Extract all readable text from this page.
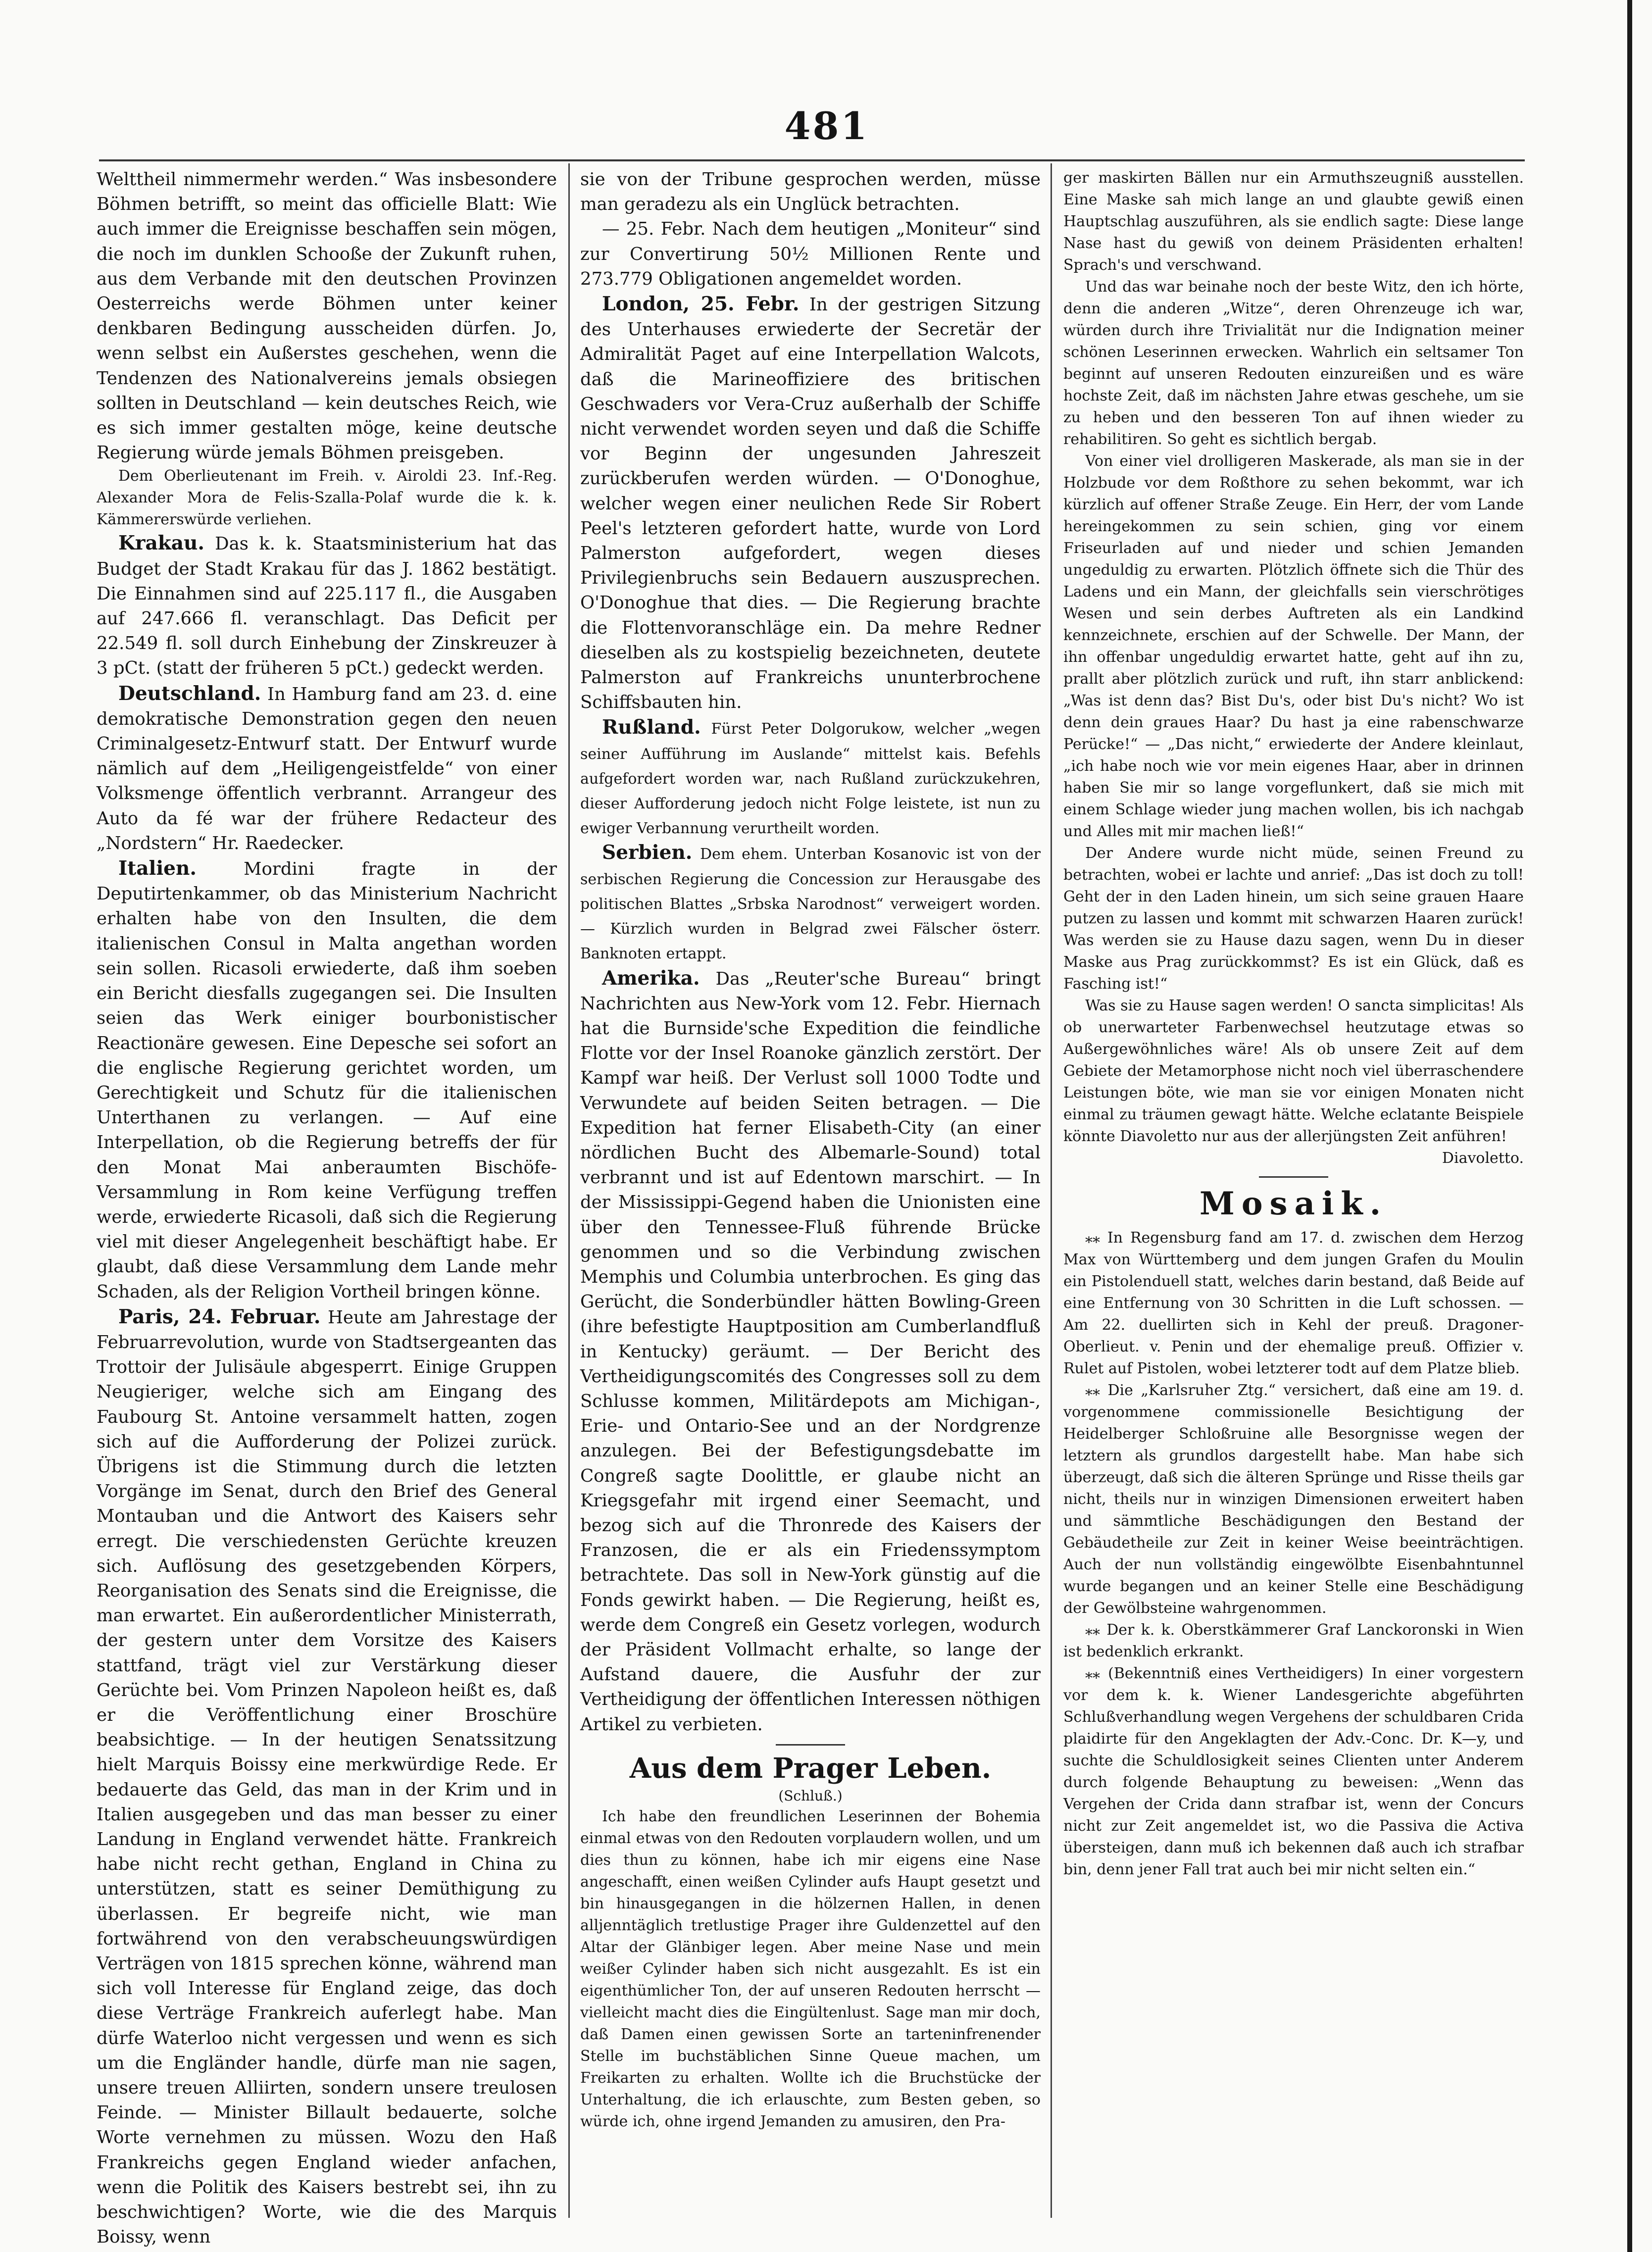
481

Welttheil nimmermehr werden.“ Was insbesondere Böhmen betrifft, so meint das officielle Blatt: Wie auch immer die Ereignisse beschaffen sein mögen, die noch im dunklen Schooße der Zukunft ruhen, aus dem Verbande mit den deutschen Provinzen Oesterreichs werde Böhmen unter keiner denkbaren Bedingung ausscheiden dürfen. Jo, wenn selbst ein Außerstes geschehen, wenn die Tendenzen des Nationalvereins jemals obsiegen sollten in Deutschland — kein deutsches Reich, wie es sich immer gestalten möge, keine deutsche Regierung würde jemals Böhmen preisgeben.

Dem Oberlieutenant im Freih. v. Airoldi 23. Inf.-Reg. Alexander Mora de Felis-Szalla-Polaf wurde die k. k. Kämmererswürde verliehen.

Krakau. Das k. k. Staatsministerium hat das Budget der Stadt Krakau für das J. 1862 bestätigt. Die Einnahmen sind auf 225.117 fl., die Ausgaben auf 247.666 fl. veranschlagt. Das Deficit per 22.549 fl. soll durch Einhebung der Zinskreuzer à 3 pCt. (statt der früheren 5 pCt.) gedeckt werden.

Deutschland. In Hamburg fand am 23. d. eine demokratische Demonstration gegen den neuen Criminalgesetz-Entwurf statt. Der Entwurf wurde nämlich auf dem „Heiligengeistfelde“ von einer Volksmenge öffentlich verbrannt. Arrangeur des Auto da fé war der frühere Redacteur des „Nordstern“ Hr. Raedecker.

Italien.	Mordini fragte in der Deputirtenkammer, ob das Ministerium Nachricht erhalten habe von den Insulten, die dem italienischen Consul in Malta angethan worden sein sollen. Ricasoli erwiederte, daß ihm soeben ein Bericht diesfalls zugegangen sei. Die Insulten seien das Werk einiger bourbonistischer Reactionäre gewesen. Eine Depesche sei sofort an die englische Regierung gerichtet worden, um Gerechtigkeit und Schutz für die italienischen Unterthanen zu verlangen. — Auf eine Interpellation, ob die Regierung betreffs der für den Monat Mai anberaumten Bischöfe-Versammlung in Rom keine Verfügung treffen werde, erwiederte Ricasoli, daß sich die Regierung viel mit dieser Angelegenheit beschäftigt habe. Er glaubt, daß diese Versammlung dem Lande mehr Schaden, als der Religion Vortheil bringen könne.

Paris, 24. Februar. Heute am Jahrestage der Februarrevolution, wurde von Stadtsergeanten das Trottoir der Julisäule abgesperrt. Einige Gruppen Neugieriger, welche sich am Eingang des Faubourg St. Antoine versammelt hatten, zogen sich auf die Aufforderung der Polizei zurück. Übrigens ist die Stimmung durch die letzten Vorgänge im Senat, durch den Brief des General Montauban und die Antwort des Kaisers sehr erregt. Die verschiedensten Gerüchte kreuzen sich. Auflösung des gesetzgebenden Körpers, Reorganisation des Senats sind die Ereignisse, die man erwartet. Ein außerordentlicher Ministerrath, der gestern unter dem Vorsitze des Kaisers stattfand, trägt viel zur Verstärkung dieser Gerüchte bei. Vom Prinzen Napoleon heißt es, daß er die Veröffentlichung einer Broschüre beabsichtige. — In der heutigen Senatssitzung hielt Marquis Boissy eine merkwürdige Rede. Er bedauerte das Geld, das man in der Krim und in Italien ausgegeben und das man besser zu einer Landung in England verwendet hätte. Frankreich habe nicht recht gethan, England in China zu unterstützen, statt es seiner Demüthigung zu überlassen. Er begreife nicht, wie man fortwährend von den verabscheuungswürdigen Verträgen von 1815 sprechen könne, während man sich voll Interesse für England zeige, das doch diese Verträge Frankreich auferlegt habe. Man dürfe Waterloo nicht vergessen und wenn es sich um die Engländer handle, dürfe man nie sagen, unsere treuen Alliirten, sondern unsere treulosen Feinde. — Minister Billault bedauerte, solche Worte vernehmen zu müssen. Wozu den Haß Frankreichs gegen England wieder anfachen, wenn die Politik des Kaisers bestrebt sei, ihn zu beschwichtigen? Worte, wie die des Marquis Boissy, wenn

sie von der Tribune gesprochen werden, müsse man geradezu als ein Unglück betrachten.

— 25. Febr. Nach dem heutigen „Moniteur“ sind zur Convertirung 50½ Millionen Rente und 273.779 Obligationen angemeldet worden.

London, 25. Febr. In der gestrigen Sitzung des Unterhauses erwiederte der Secretär der Admiralität Paget auf eine Interpellation Walcots, daß die Marineoffiziere des britischen Geschwaders vor Vera-Cruz außerhalb der Schiffe nicht verwendet worden seyen und daß die Schiffe vor Beginn der ungesunden Jahreszeit zurückberufen werden würden. — O'Donoghue, welcher wegen einer neulichen Rede Sir Robert Peel's letzteren gefordert hatte, wurde von Lord Palmerston aufgefordert, wegen dieses Privilegienbruchs sein Bedauern auszusprechen. O'Donoghue that dies. — Die Regierung brachte die Flottenvoranschläge ein. Da mehre Redner dieselben als zu kostspielig bezeichneten, deutete Palmerston auf Frankreichs ununterbrochene Schiffsbauten hin.

Rußland. Fürst Peter Dolgorukow, welcher „wegen seiner Aufführung im Auslande“ mittelst kais. Befehls aufgefordert worden war, nach Rußland zurückzukehren, dieser Aufforderung jedoch nicht Folge leistete, ist nun zu ewiger Verbannung verurtheilt worden.

Serbien. Dem ehem. Unterban Kosanovic ist von der serbischen Regierung die Concession zur Herausgabe des politischen Blattes „Srbska Narodnost“ verweigert worden. — Kürzlich wurden in Belgrad zwei Fälscher österr. Banknoten ertappt.

Amerika. Das „Reuter'sche Bureau“ bringt Nachrichten aus New-York vom 12. Febr. Hiernach hat die Burnside'sche Expedition die feindliche Flotte vor der Insel Roanoke gänzlich zerstört. Der Kampf war heiß. Der Verlust soll 1000 Todte und Verwundete auf beiden Seiten betragen. — Die Expedition hat ferner Elisabeth-City (an einer nördlichen Bucht des Albemarle-Sound) total verbrannt und ist auf Edentown marschirt. — In der Mississippi-Gegend haben die Unionisten eine über den Tennessee-Fluß führende Brücke genommen und so die Verbindung zwischen Memphis und Columbia unterbrochen. Es ging das Gerücht, die Sonderbündler hätten Bowling-Green (ihre befestigte Hauptposition am Cumberlandfluß in Kentucky) geräumt. — Der Bericht des Vertheidigungscomités des Congresses soll zu dem Schlusse kommen, Militärdepots am Michigan-, Erie- und Ontario-See und an der Nordgrenze anzulegen. Bei der Befestigungsdebatte im Congreß sagte Doolittle, er glaube nicht an Kriegsgefahr mit irgend einer Seemacht, und bezog sich auf die Thronrede des Kaisers der Franzosen, die er als ein Friedenssymptom betrachtete. Das soll in New-York günstig auf die Fonds gewirkt haben. — Die Regierung, heißt es, werde dem Congreß ein Gesetz vorlegen, wodurch der Präsident Vollmacht erhalte, so lange der Aufstand dauere, die Ausfuhr der zur Vertheidigung der öffentlichen Interessen nöthigen Artikel zu verbieten.

Aus dem Prager Leben.
(Schluß.)

Ich habe den freundlichen Leserinnen der Bohemia einmal etwas von den Redouten vorplaudern wollen, und um dies thun zu können, habe ich mir eigens eine Nase angeschafft, einen weißen Cylinder aufs Haupt gesetzt und bin hinausgegangen in die hölzernen Hallen, in denen alljenntäglich tretlustige Prager ihre Guldenzettel auf den Altar der Glänbiger legen. Aber meine Nase und mein weißer Cylinder haben sich nicht ausgezahlt. Es ist ein eigenthümlicher Ton, der auf unseren Redouten herrscht — vielleicht macht dies die Eingültenlust. Sage man mir doch, daß Damen einen gewissen Sorte an tarteninfrenender Stelle im buchstäblichen Sinne Queue machen, um Freikarten zu erhalten. Wollte ich die Bruchstücke der Unterhaltung, die ich erlauschte, zum Besten geben, so würde ich, ohne irgend Jemanden zu amusiren, den Pra-

ger maskirten Bällen nur ein Armuthszeugniß ausstellen. Eine Maske sah mich lange an und glaubte gewiß einen Hauptschlag auszuführen, als sie endlich sagte: Diese lange Nase hast du gewiß von deinem Präsidenten erhalten! Sprach's und verschwand.

Und das war beinahe noch der beste Witz, den ich hörte, denn die anderen „Witze“, deren Ohrenzeuge ich war, würden durch ihre Trivialität nur die Indignation meiner schönen Leserinnen erwecken. Wahrlich ein seltsamer Ton beginnt auf unseren Redouten einzureißen und es wäre hochste Zeit, daß im nächsten Jahre etwas geschehe, um sie zu heben und den besseren Ton auf ihnen wieder zu rehabilitiren. So geht es sichtlich bergab.

Von einer viel drolligeren Maskerade, als man sie in der Holzbude vor dem Roßthore zu sehen bekommt, war ich kürzlich auf offener Straße Zeuge. Ein Herr, der vom Lande hereingekommen zu sein schien, ging vor einem Friseurladen auf und nieder und schien Jemanden ungeduldig zu erwarten. Plötzlich öffnete sich die Thür des Ladens und ein Mann, der gleichfalls sein vierschrötiges Wesen und sein derbes Auftreten als ein Landkind kennzeichnete, erschien auf der Schwelle. Der Mann, der ihn offenbar ungeduldig erwartet hatte, geht auf ihn zu, prallt aber plötzlich zurück und ruft, ihn starr anblickend: „Was ist denn das? Bist Du's, oder bist Du's nicht? Wo ist denn dein graues Haar? Du hast ja eine rabenschwarze Perücke!“ — „Das nicht,“ erwiederte der Andere kleinlaut, „ich habe noch wie vor mein eigenes Haar, aber in drinnen haben Sie mir so lange vorgeflunkert, daß sie mich mit einem Schlage wieder jung machen wollen, bis ich nachgab und Alles mit mir machen ließ!“

Der Andere wurde nicht müde, seinen Freund zu betrachten, wobei er lachte und anrief: „Das ist doch zu toll! Geht der in den Laden hinein, um sich seine grauen Haare putzen zu lassen und kommt mit schwarzen Haaren zurück! Was werden sie zu Hause dazu sagen, wenn Du in dieser Maske aus Prag zurückkommst? Es ist ein Glück, daß es Fasching ist!“

Was sie zu Hause sagen werden! O sancta simplicitas! Als ob unerwarteter Farbenwechsel heutzutage etwas so Außergewöhnliches wäre! Als ob unsere Zeit auf dem Gebiete der Metamorphose nicht noch viel überraschendere Leistungen böte, wie man sie vor einigen Monaten nicht einmal zu träumen gewagt hätte. Welche eclatante Beispiele könnte Diavoletto nur aus der allerjüngsten Zeit anführen!

Diavoletto.
Mosaik.

⁎⁎ In Regensburg fand am 17. d. zwischen dem Herzog Max von Württemberg und dem jungen Grafen du Moulin ein Pistolenduell statt, welches darin bestand, daß Beide auf eine Entfernung von 30 Schritten in die Luft schossen. — Am 22. duellirten sich in Kehl der preuß. Dragoner-Oberlieut. v. Penin und der ehemalige preuß. Offizier v. Rulet auf Pistolen, wobei letzterer todt auf dem Platze blieb.

⁎⁎ Die „Karlsruher Ztg.“ versichert, daß eine am 19. d. vorgenommene commissionelle Besichtigung der Heidelberger Schloßruine alle Besorgnisse wegen der letztern als grundlos dargestellt habe. Man habe sich überzeugt, daß sich die älteren Sprünge und Risse theils gar nicht, theils nur in winzigen Dimensionen erweitert haben und sämmtliche Beschädigungen den Bestand der Gebäudetheile zur Zeit in keiner Weise beeinträchtigen. Auch der nun vollständig eingewölbte Eisenbahntunnel wurde begangen und an keiner Stelle eine Beschädigung der Gewölbsteine wahrgenommen.

⁎⁎ Der k. k. Oberstkämmerer Graf Lanckoronski in Wien ist bedenklich erkrankt.

⁎⁎ (Bekenntniß eines Vertheidigers) In einer vorgestern vor dem k. k. Wiener Landesgerichte abgeführten Schlußverhandlung wegen Vergehens der schuldbaren Crida plaidirte für den Angeklagten der Adv.-Conc. Dr. K—y, und suchte die Schuldlosigkeit seines Clienten unter Anderem durch folgende Behauptung zu beweisen: „Wenn das Vergehen der Crida dann strafbar ist, wenn der Concurs nicht zur Zeit angemeldet ist, wo die Passiva die Activa übersteigen, dann muß ich bekennen daß auch ich strafbar bin, denn jener Fall trat auch bei mir nicht selten ein.“
